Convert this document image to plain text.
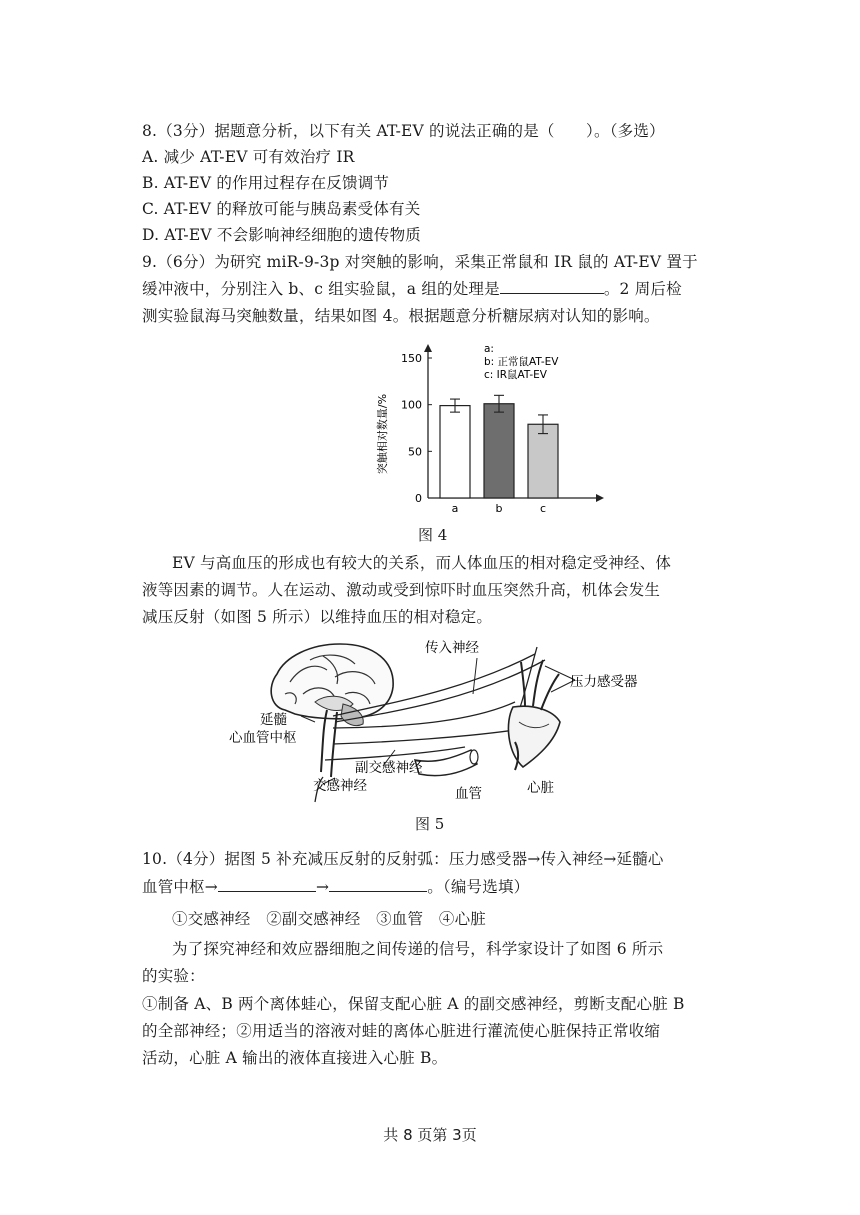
8.（3分）据题意分析，以下有关 AT-EV 的说法正确的是（　　）。（多选）
A. 减少 AT-EV 可有效治疗 IR
B. AT-EV 的作用过程存在反馈调节
C. AT-EV 的释放可能与胰岛素受体有关
D. AT-EV 不会影响神经细胞的遗传物质
9.（6分）为研究 miR-9-3p 对突触的影响，采集正常鼠和 IR 鼠的 AT-EV 置于
缓冲液中，分别注入 b、c 组实验鼠，a 组的处理是	。2 周后检
测实验鼠海马突触数量，结果如图 4。根据题意分析糖尿病对认知的影响。
0
50
100
150
a	b	c
a:
b: 正常鼠AT-EV
c: IR鼠AT-EV
突触相对数量/%
图 4
EV 与高血压的形成也有较大的关系，而人体血压的相对稳定受神经、体
液等因素的调节。人在运动、激动或受到惊吓时血压突然升高，机体会发生
减压反射（如图 5 所示）以维持血压的相对稳定。
传入神经
压力感受器
延髓
心血管中枢
副交感神经
交感神经	血管	心脏
图 5
10.（4分）据图 5 补充减压反射的反射弧：压力感受器→传入神经→延髓心
血管中枢→	→	。（编号选填）
①交感神经　②副交感神经　③血管　④心脏
为了探究神经和效应器细胞之间传递的信号，科学家设计了如图 6 所示
的实验：
①制备 A、B 两个离体蛙心，保留支配心脏 A 的副交感神经，剪断支配心脏 B
的全部神经；②用适当的溶液对蛙的离体心脏进行灌流使心脏保持正常收缩
活动，心脏 A 输出的液体直接进入心脏 B。
共 8 页第 3页
